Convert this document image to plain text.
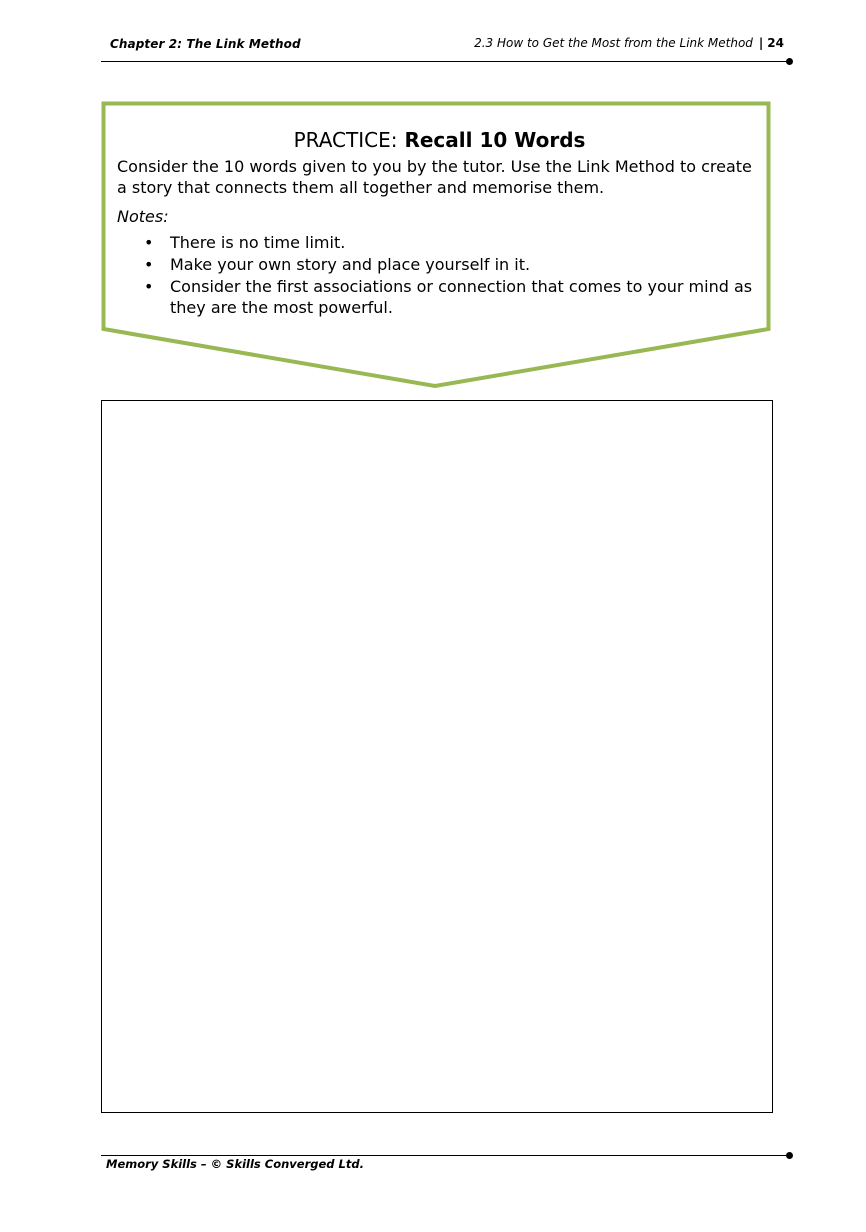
Chapter 2: The Link Method	2.3 How to Get the Most from the Link Method | 24
PRACTICE: Recall 10 Words

Consider the 10 words given to you by the tutor. Use the Link Method to create a story that connects them all together and memorise them.

Notes:
• There is no time limit.
• Make your own story and place yourself in it.
• Consider the first associations or connection that comes to your mind as they are the most powerful.
Memory Skills – © Skills Converged Ltd.
